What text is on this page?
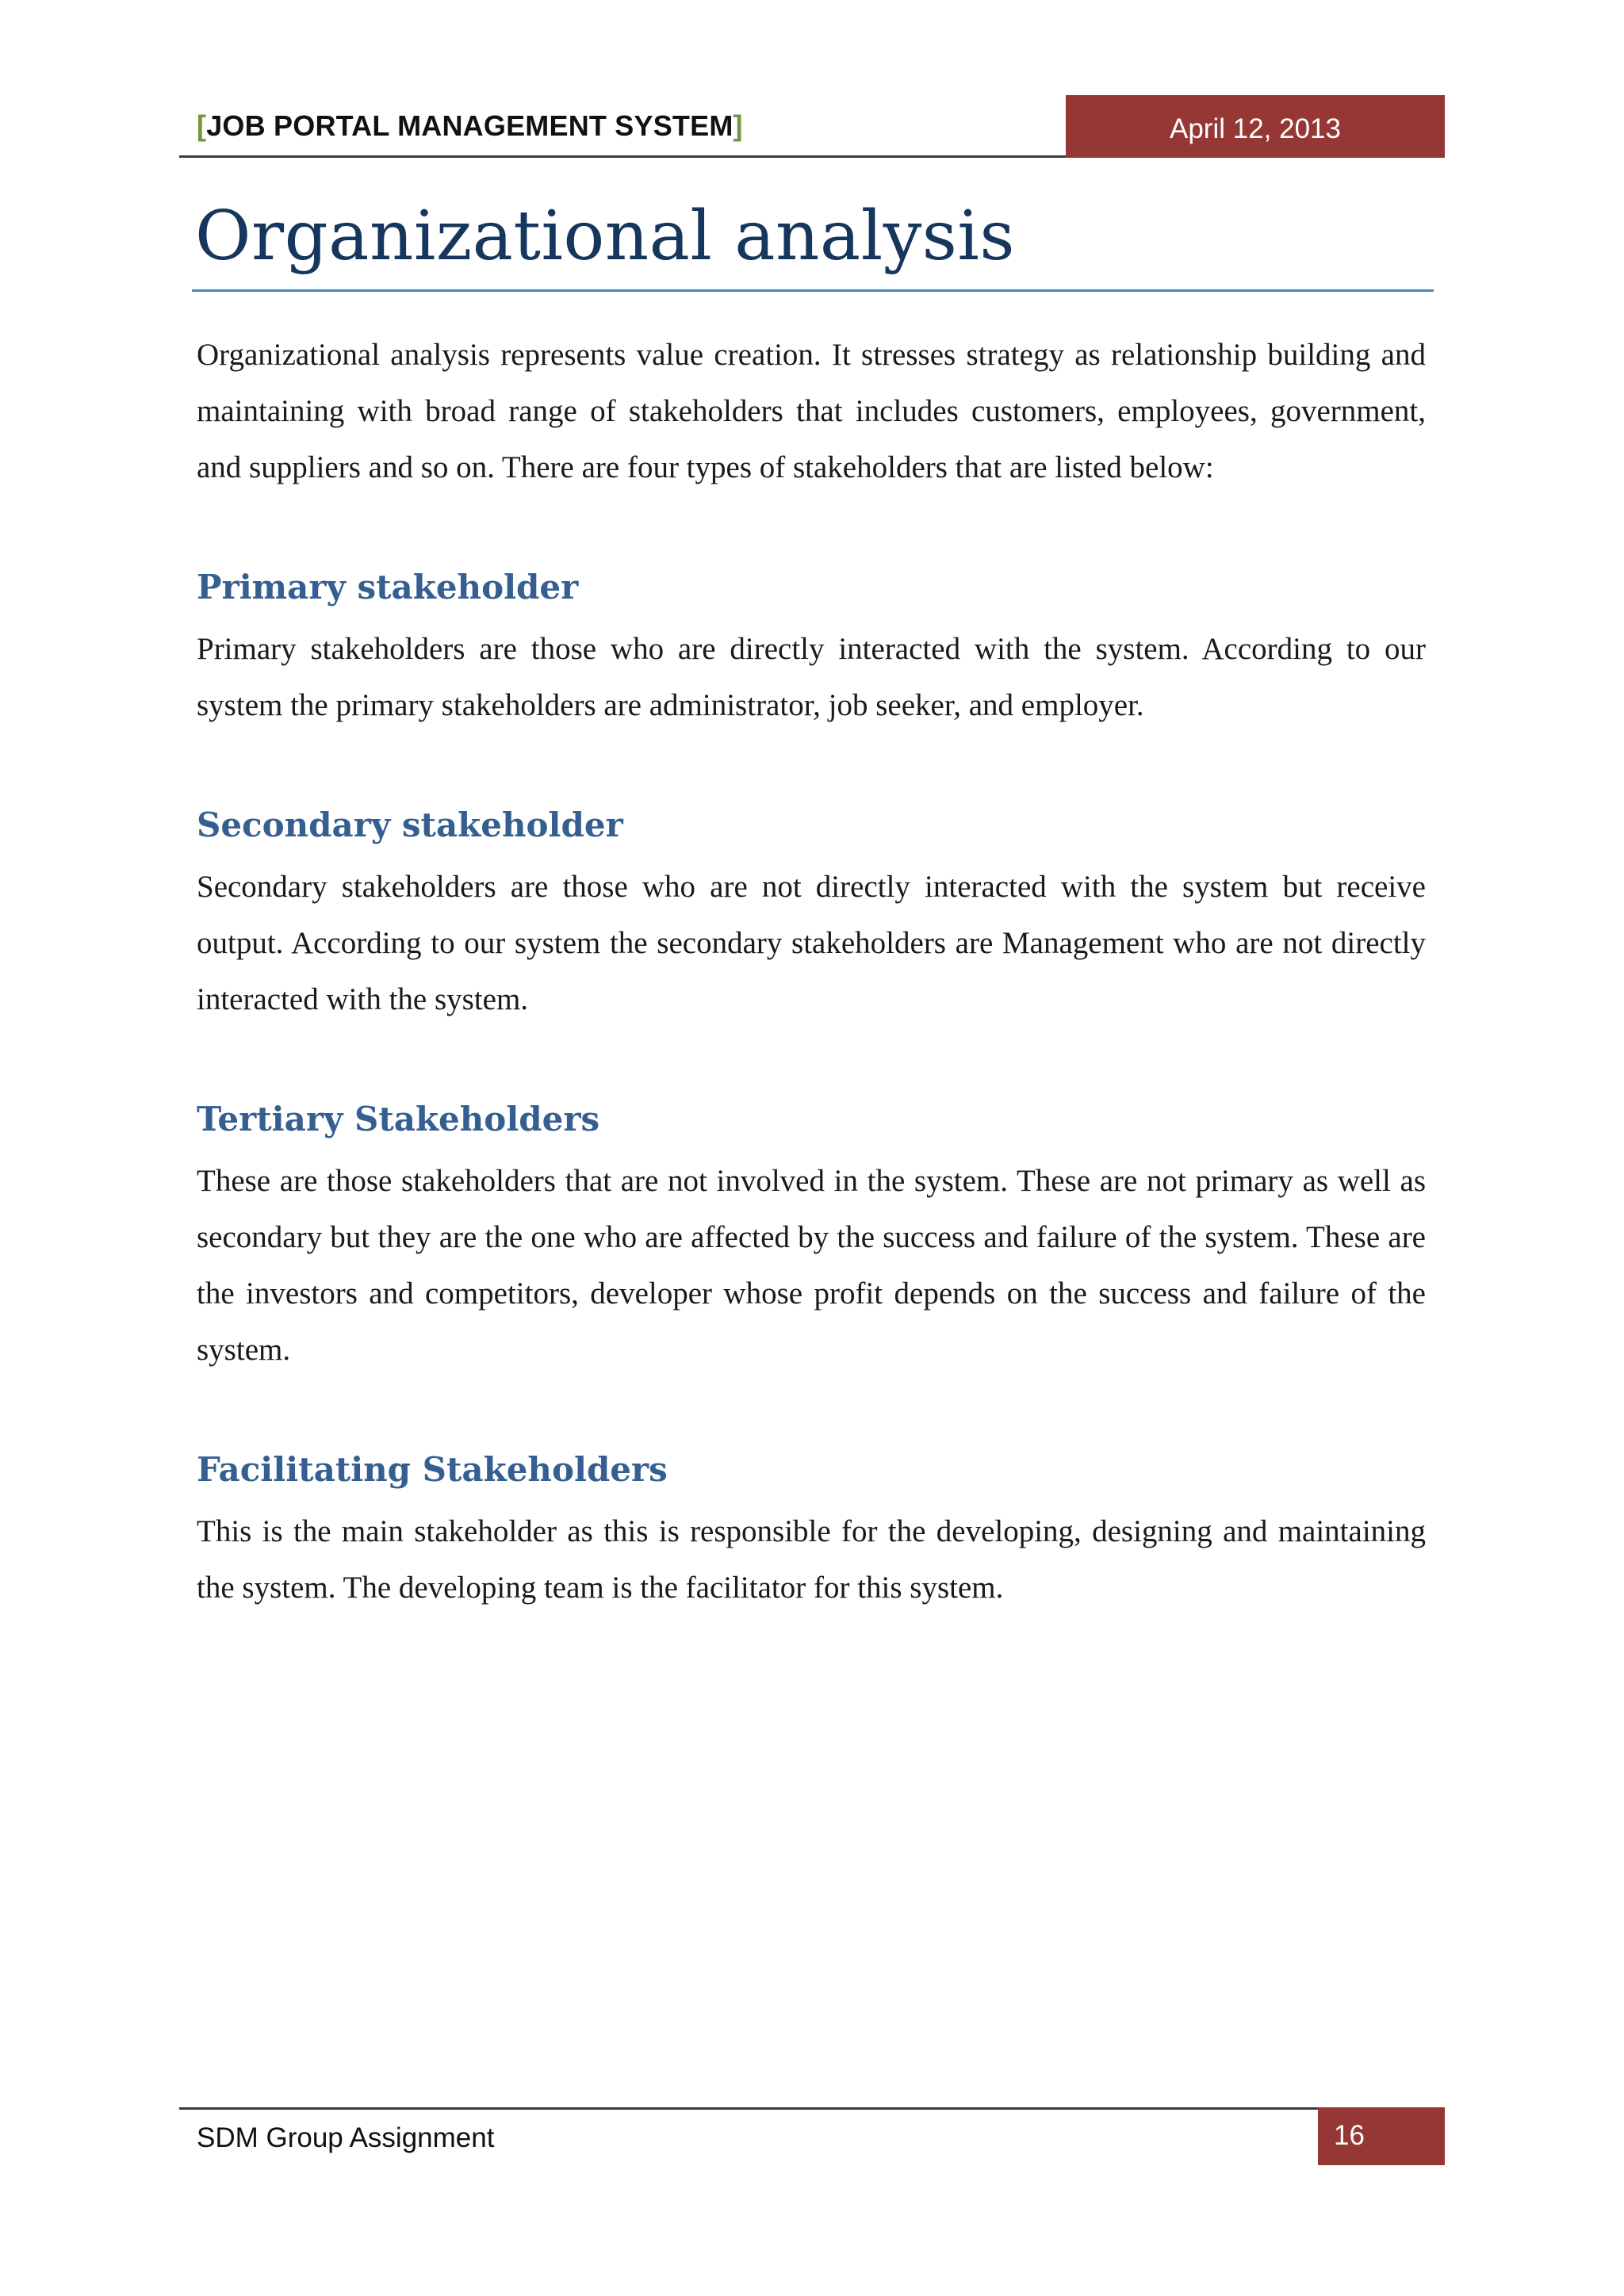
[JOB PORTAL MANAGEMENT SYSTEM]	April 12, 2013
Organizational analysis

Organizational analysis represents value creation. It stresses strategy as relationship building and maintaining with broad range of stakeholders that includes customers, employees, government, and suppliers and so on. There are four types of stakeholders that are listed below:

Primary stakeholder

Primary stakeholders are those who are directly interacted with the system. According to our system the primary stakeholders are administrator, job seeker, and employer.

Secondary stakeholder

Secondary stakeholders are those who are not directly interacted with the system but receive output. According to our system the secondary stakeholders are Management who are not directly interacted with the system.

Tertiary Stakeholders

These are those stakeholders that are not involved in the system. These are not primary as well as secondary but they are the one who are affected by the success and failure of the system. These are the investors and competitors, developer whose profit depends on the success and failure of the system.

Facilitating Stakeholders

This is the main stakeholder as this is responsible for the developing, designing and maintaining the system. The developing team is the facilitator for this system.

SDM Group Assignment	16
